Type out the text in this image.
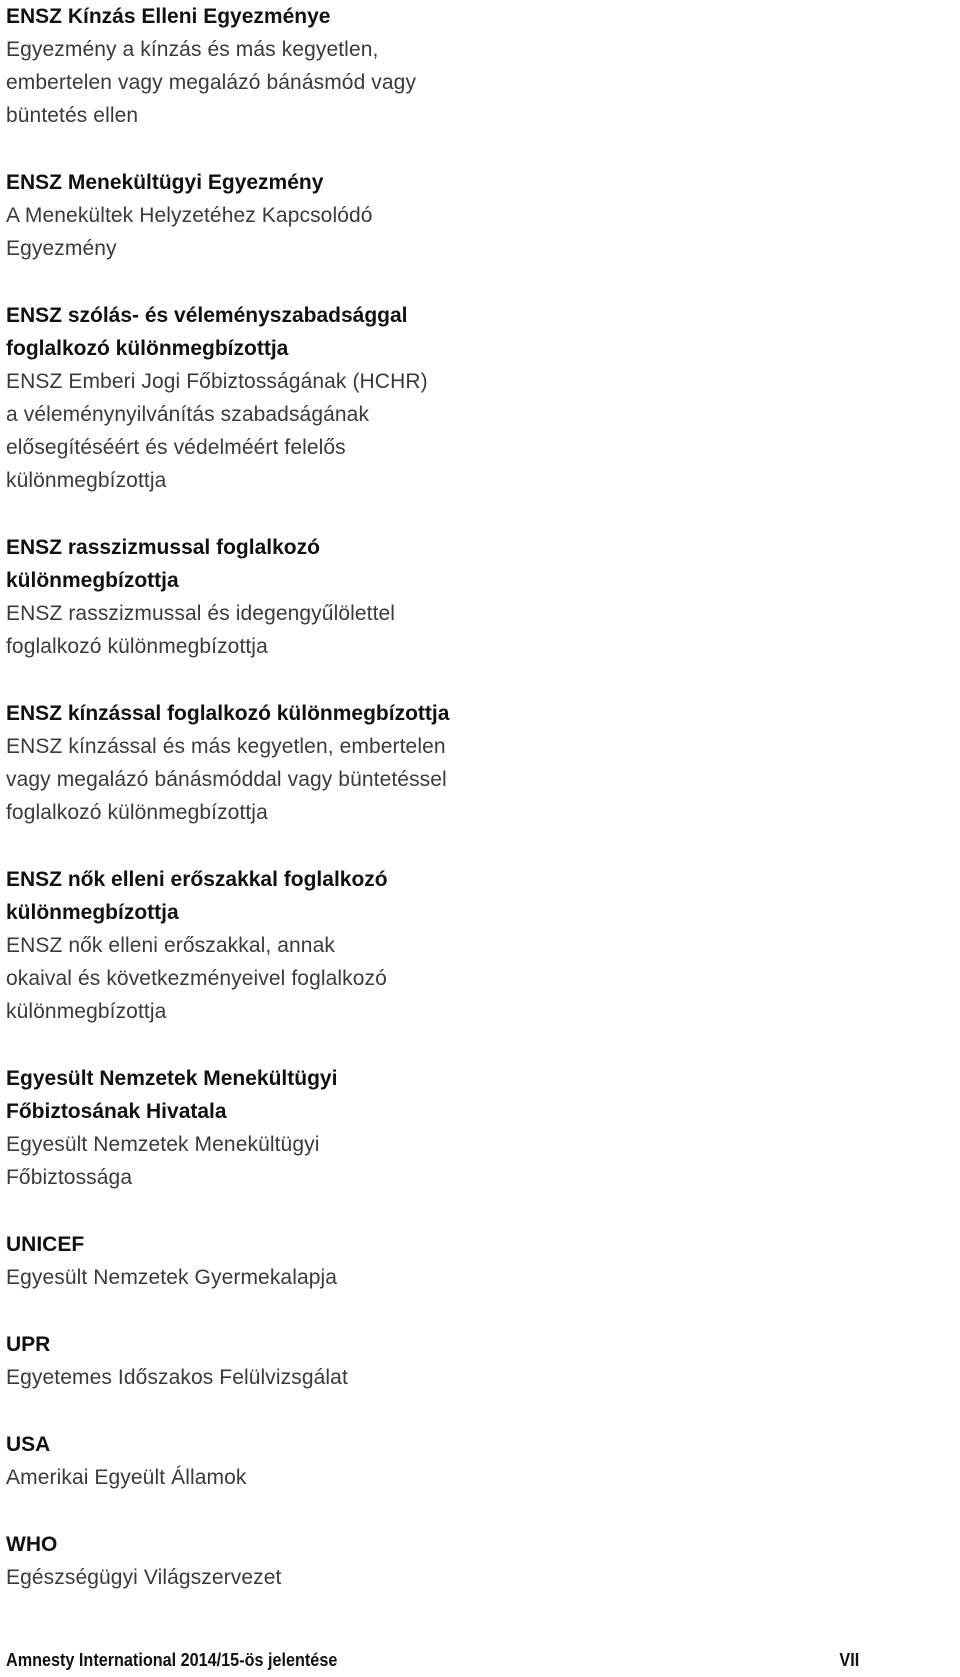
ENSZ Kínzás Elleni Egyezménye
Egyezmény a kínzás és más kegyetlen,
embertelen vagy megalázó bánásmód vagy
büntetés ellen
ENSZ Menekültügyi Egyezmény
A Menekültek Helyzetéhez Kapcsolódó
Egyezmény
ENSZ szólás- és véleményszabadsággal
foglalkozó különmegbízottja
ENSZ Emberi Jogi Főbiztosságának (HCHR)
a véleménynyilvánítás szabadságának
elősegítéséért és védelméért felelős
különmegbízottja
ENSZ rasszizmussal foglalkozó
különmegbízottja
ENSZ rasszizmussal és idegengyűlölettel
foglalkozó különmegbízottja
ENSZ kínzással foglalkozó különmegbízottja
ENSZ kínzással és más kegyetlen, embertelen
vagy megalázó bánásmóddal vagy büntetéssel
foglalkozó különmegbízottja
ENSZ nők elleni erőszakkal foglalkozó
különmegbízottja
ENSZ nők elleni erőszakkal, annak
okaival és következményeivel foglalkozó
különmegbízottja
Egyesült Nemzetek Menekültügyi
Főbiztosának Hivatala
Egyesült Nemzetek Menekültügyi
Főbiztossága
UNICEF
Egyesült Nemzetek Gyermekalapja
UPR
Egyetemes Időszakos Felülvizsgálat
USA
Amerikai Egyeült Államok
WHO
Egészségügyi Világszervezet
Amnesty International 2014/15-ös jelentése	VII
